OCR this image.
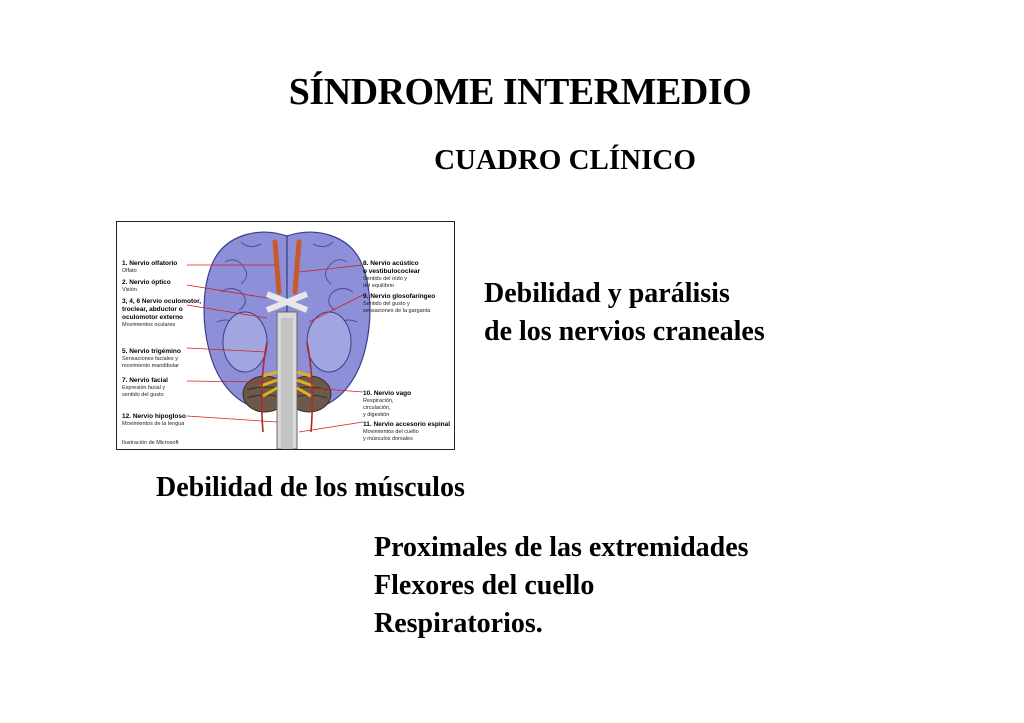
SÍNDROME INTERMEDIO
CUADRO CLÍNICO
1. Nervio olfatorio
Olfato
2. Nervio óptico
Visión
3, 4, 6 Nervio oculomotor,
troclear, abductor o
oculomotor externo
Movimientos oculares
5. Nervio trigémino
Sensaciones faciales y
movimiento mandibular
7. Nervio facial
Expresión facial y
sentido del gusto
12. Nervio hipogloso
Movimientos de la lengua
Ilustración de Microsoft
8. Nervio acústico
o vestibulococlear
Sentido del oído y
del equilibrio
9. Nervio glosofaríngeo
Sentido del gusto y
sensaciones de la garganta
10. Nervio vago
Respiración,
circulación,
y digestión
11. Nervio accesorio espinal
Movimientos del cuello
y músculos dorsales
Debilidad y parálisis
de los nervios craneales
Debilidad de los músculos
Proximales de las extremidades
Flexores del cuello
Respiratorios.
